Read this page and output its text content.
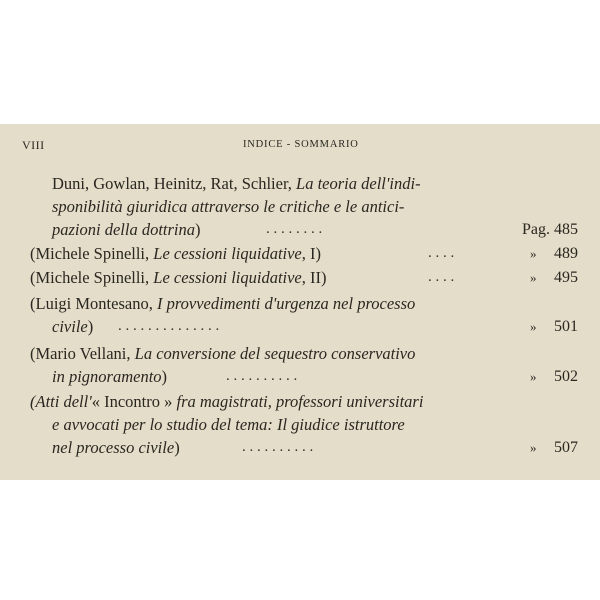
VIII	INDICE - SOMMARIO
Duni, Gowlan, Heinitz, Rat, Schlier, La teoria dell'indi-
sponibilità giuridica attraverso le critiche e le antici-
pazioni della dottrina)	. . . . . . . .	Pag. 485
(Michele Spinelli, Le cessioni liquidative, I)	. . . .	» 489
(Michele Spinelli, Le cessioni liquidative, II)	. . . .	» 495
(Luigi Montesano, I provvedimenti d'urgenza nel processo
civile) . . . . . . . . . . . . . .	» 501
(Mario Vellani, La conversione del sequestro conservativo
in pignoramento)	. . . . . . . . . .	» 502
(Atti dell'« Incontro » fra magistrati, professori universitari
e avvocati per lo studio del tema: Il giudice istruttore
nel processo civile)	. . . . . . . . . .	» 507
